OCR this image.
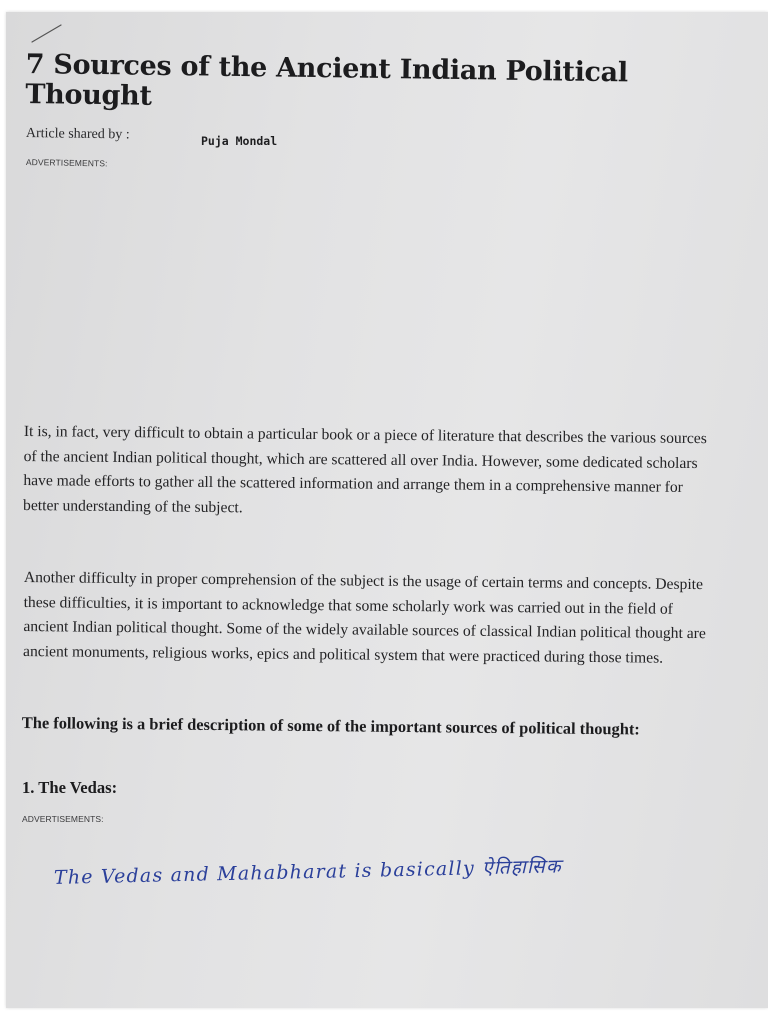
7 Sources of the Ancient Indian Political Thought
Article shared by :	Puja Mondal
ADVERTISEMENTS:

It is, in fact, very difficult to obtain a particular book or a piece of literature that describes the various sources of the ancient Indian political thought, which are scattered all over India. However, some dedicated scholars have made efforts to gather all the scattered information and arrange them in a comprehensive manner for better understanding of the subject.

Another difficulty in proper comprehension of the subject is the usage of certain terms and concepts. Despite these difficulties, it is important to acknowledge that some scholarly work was carried out in the field of ancient Indian political thought. Some of the widely available sources of classical Indian political thought are ancient monuments, religious works, epics and political system that were practiced during those times.

The following is a brief description of some of the important sources of political thought:

1. The Vedas:
ADVERTISEMENTS:
The Vedas and Mahabharat is basically ऐतिहासिक
